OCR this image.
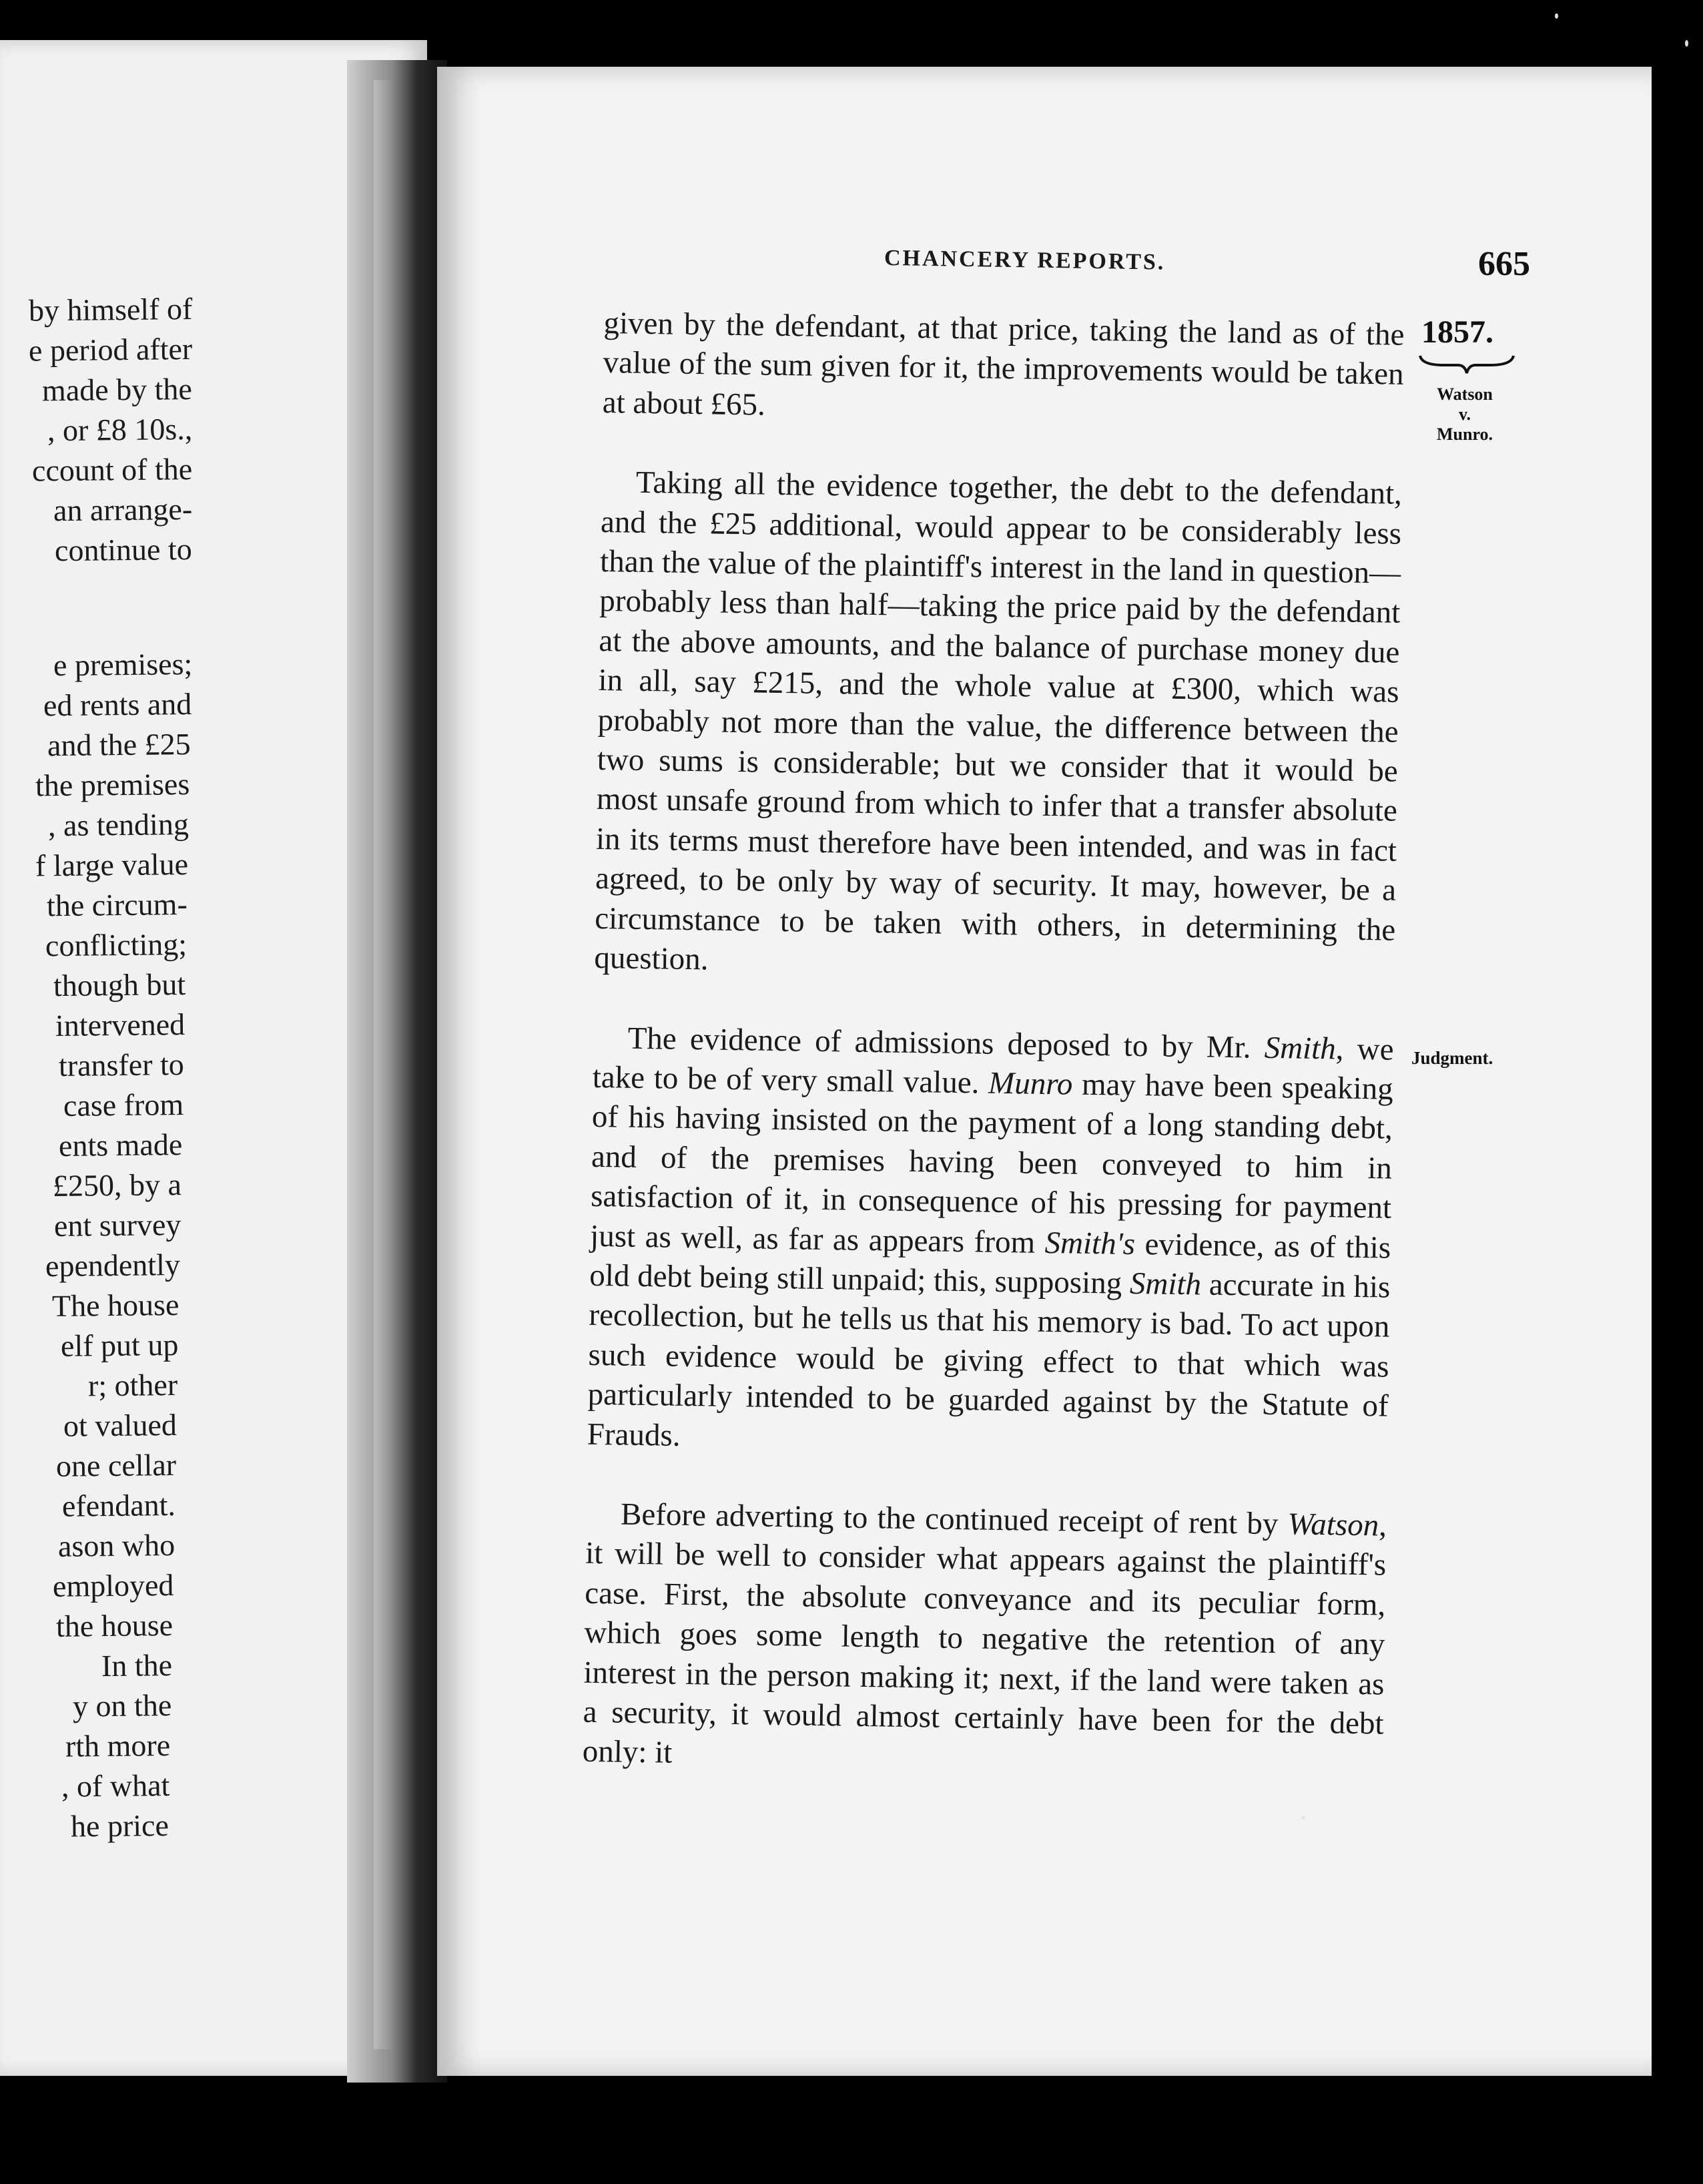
by himself of
e period after
made by the
, or £8 10s.,
ccount of the
an arrange-
continue to
e premises;
ed rents and
and the £25
the premises
, as tending
f large value
the circum-
conflicting;
though but
intervened
transfer to
case from
ents made
£250, by a
ent survey
ependently
The house
elf put up
r; other
ot valued
one cellar
efendant.
ason who
employed
the house
In the
y on the
rth more
, of what
he price
CHANCERY REPORTS.	665
1857.
Watson
v.
Munro.
Judgment.

given by the defendant, at that price, taking the land as of the value of the sum given for it, the improvements would be taken at about £65.

Taking all the evidence together, the debt to the defendant, and the £25 additional, would appear to be considerably less than the value of the plaintiff's interest in the land in question—probably less than half—taking the price paid by the defendant at the above amounts, and the balance of purchase money due in all, say £215, and the whole value at £300, which was probably not more than the value, the difference between the two sums is considerable; but we consider that it would be most unsafe ground from which to infer that a transfer absolute in its terms must therefore have been intended, and was in fact agreed, to be only by way of security. It may, however, be a circumstance to be taken with others, in determining the question.

The evidence of admissions deposed to by Mr. Smith, we take to be of very small value. Munro may have been speaking of his having insisted on the payment of a long standing debt, and of the premises having been conveyed to him in satisfaction of it, in consequence of his pressing for payment just as well, as far as appears from Smith's evidence, as of this old debt being still unpaid; this, supposing Smith accurate in his recollection, but he tells us that his memory is bad. To act upon such evidence would be giving effect to that which was particularly intended to be guarded against by the Statute of Frauds.

Before adverting to the continued receipt of rent by Watson, it will be well to consider what appears against the plaintiff's case. First, the absolute conveyance and its peculiar form, which goes some length to negative the retention of any interest in the person making it; next, if the land were taken as a security, it would almost certainly have been for the debt only: it
